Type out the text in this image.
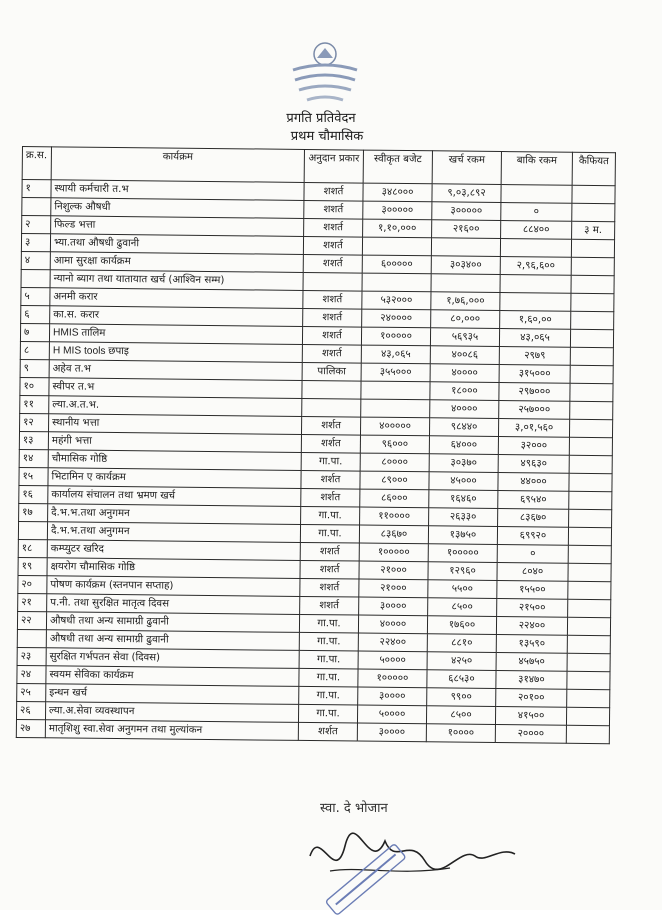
प्रगति प्रतिवेदन
प्रथम चौमासिक
क्र.स.	कार्यक्रम	अनुदान प्रकार	स्वीकृत बजेट	खर्च रकम	बाकि रकम	कैफियत
१	स्थायी कर्मचारी त.भ	शशर्त	३४८०००	९,०३,८९२		
	निशुल्क औषधी	शशर्त	३०००००	३०००००	०	
२	फिल्ड भत्ता	शशर्त	१,१०,०००	२१६००	८८४००	३ म.
३	भ्या.तथा औषधी ढुवानी	शशर्त				
४	आमा सुरक्षा कार्यक्रम	शशर्त	६०००००	३०३४००	२,९६,६००	
	न्यानो ब्याग तथा यातायात खर्च (आश्विन सम्म)					
५	अनमी करार	शशर्त	५३२०००	१,७६,०००		
६	का.स. करार	शशर्त	२४००००	८०,०००	१,६०,००	
७	HMIS तालिम	शशर्त	१०००००	५६९३५	४३,०६५	
८	H MIS tools छपाइ	शशर्त	४३,०६५	४००८६	२९७९	
९	अहेव त.भ	पालिका	३५५०००	४००००	३१५०००	
१०	स्वीपर त.भ			१८०००	२९७०००	
११	ल्या.अ.त.भ.			४००००	२५७०००	
१२	स्थानीय भत्ता	शर्शत	४०००००	९८४४०	३,०१,५६०	
१३	महंगी भत्ता	शर्शत	९६०००	६४०००	३२०००	
१४	चौमासिक गोष्ठि	गा.पा.	८००००	३०३७०	४९६३०	
१५	भिटामिन ए कार्यक्रम	शर्शत	८९०००	४५०००	४४०००	
१६	कार्यालय संचालन तथा भ्रमण खर्च	शर्शत	८६०००	१६४६०	६९५४०	
१७	दै.भ.भ.तथा अनुगमन	गा.पा.	११००००	२६३३०	८३६७०	
	दै.भ.भ.तथा अनुगमन	गा.पा.	८३६७०	१३७५०	६९९२०	
१८	कम्प्युटर खरिद	शशर्त	१०००००	१०००००	०	
१९	क्षयरोग चौमासिक गोष्ठि	शशर्त	२१०००	१२९६०	८०४०	
२०	पोषण कार्यक्रम (स्तनपान सप्ताह)	शशर्त	२१०००	५५००	१५५००	
२१	प.नी. तथा सुरक्षित मातृत्व दिवस	शशर्त	३००००	८५००	२१५००	
२२	औषधी तथा अन्य सामाग्री ढुवानी	गा.पा.	४००००	१७६००	२२४००	
	औषधी तथा अन्य सामाग्री ढुवानी	गा.पा.	२२४००	८८१०	१३५९०	
२३	सुरक्षित गर्भपतन सेवा (दिवस)	गा.पा.	५००००	४२५०	४५७५०	
२४	स्वयम सेविका कार्यक्रम	गा.पा.	१०००००	६८५३०	३१४७०	
२५	इन्धन खर्च	गा.पा.	३००००	९९००	२०१००	
२६	ल्या.अ.सेवा व्यवस्थापन	गा.पा.	५००००	८५००	४१५००	
२७	मातृशिशु स्वा.सेवा अनुगमन तथा मुल्यांकन	शर्शत	३००००	१००००	२००००	
स्वा. दे भोजान
